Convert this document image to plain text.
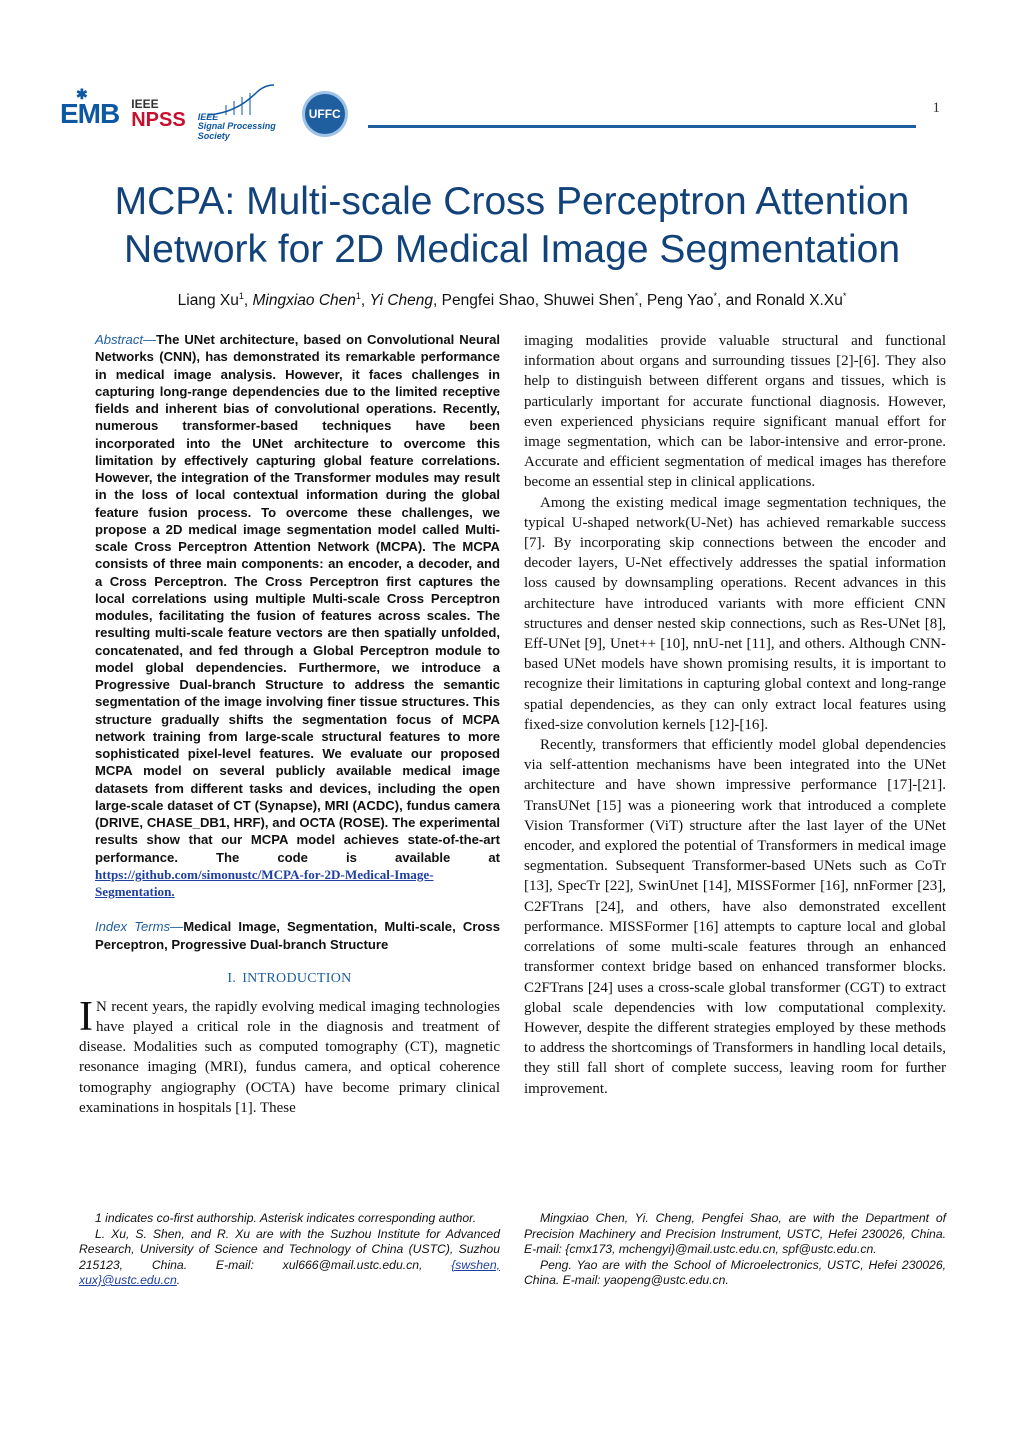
✱
EMB IEEE
NPSS IEEE
Signal Processing Society
UFFC	1
MCPA: Multi-scale Cross Perceptron Attention Network for 2D Medical Image Segmentation
Liang Xu$^1$, Mingxiao Chen$^1$, Yi Cheng, Pengfei Shao, Shuwei Shen*, Peng Yao*, and Ronald X.Xu*

Abstract—The UNet architecture, based on Convolutional Neural Networks (CNN), has demonstrated its remarkable performance in medical image analysis. However, it faces challenges in capturing long-range dependencies due to the limited receptive fields and inherent bias of convolutional operations. Recently, numerous transformer-based techniques have been incorporated into the UNet architecture to overcome this limitation by effectively capturing global feature correlations. However, the integration of the Transformer modules may result in the loss of local contextual information during the global feature fusion process. To overcome these challenges, we propose a 2D medical image segmentation model called Multi-scale Cross Perceptron Attention Network (MCPA). The MCPA consists of three main components: an encoder, a decoder, and a Cross Perceptron. The Cross Perceptron first captures the local correlations using multiple Multi-scale Cross Perceptron modules, facilitating the fusion of features across scales. The resulting multi-scale feature vectors are then spatially unfolded, concatenated, and fed through a Global Perceptron module to model global dependencies. Furthermore, we introduce a Progressive Dual-branch Structure to address the semantic segmentation of the image involving finer tissue structures. This structure gradually shifts the segmentation focus of MCPA network training from large-scale structural features to more sophisticated pixel-level features. We evaluate our proposed MCPA model on several publicly available medical image datasets from different tasks and devices, including the open large-scale dataset of CT (Synapse), MRI (ACDC), fundus camera (DRIVE, CHASE_DB1, HRF), and OCTA (ROSE). The experimental results show that our MCPA model achieves state-of-the-art performance. The code is available at https://github.com/simonustc/MCPA-for-2D-Medical-Image-Segmentation.

Index Terms—Medical Image, Segmentation, Multi-scale, Cross Perceptron, Progressive Dual-branch Structure

I. INTRODUCTION

I N recent years, the rapidly evolving medical imaging technologies have played a critical role in the diagnosis and treatment of disease. Modalities such as computed tomography (CT), magnetic resonance imaging (MRI), fundus camera, and optical coherence tomography angiography (OCTA) have become primary clinical examinations in hospitals [1]. These

imaging modalities provide valuable structural and functional information about organs and surrounding tissues [2]-[6]. They also help to distinguish between different organs and tissues, which is particularly important for accurate functional diagnosis. However, even experienced physicians require significant manual effort for image segmentation, which can be labor-intensive and error-prone. Accurate and efficient segmentation of medical images has therefore become an essential step in clinical applications.

Among the existing medical image segmentation techniques, the typical U-shaped network(U-Net) has achieved remarkable success [7]. By incorporating skip connections between the encoder and decoder layers, U-Net effectively addresses the spatial information loss caused by downsampling operations. Recent advances in this architecture have introduced variants with more efficient CNN structures and denser nested skip connections, such as Res-UNet [8], Eff-UNet [9], Unet++ [10], nnU-net [11], and others. Although CNN-based UNet models have shown promising results, it is important to recognize their limitations in capturing global context and long-range spatial dependencies, as they can only extract local features using fixed-size convolution kernels [12]-[16].

Recently, transformers that efficiently model global dependencies via self-attention mechanisms have been integrated into the UNet architecture and have shown impressive performance [17]-[21]. TransUNet [15] was a pioneering work that introduced a complete Vision Transformer (ViT) structure after the last layer of the UNet encoder, and explored the potential of Transformers in medical image segmentation. Subsequent Transformer-based UNets such as CoTr [13], SpecTr [22], SwinUnet [14], MISSFormer [16], nnFormer [23], C2FTrans [24], and others, have also demonstrated excellent performance. MISSFormer [16] attempts to capture local and global correlations of some multi-scale features through an enhanced transformer context bridge based on enhanced transformer blocks. C2FTrans [24] uses a cross-scale global transformer (CGT) to extract global scale dependencies with low computational complexity. However, despite the different strategies employed by these methods to address the shortcomings of Transformers in handling local details, they still fall short of complete success, leaving room for further improvement.

1 indicates co-first authorship. Asterisk indicates corresponding author.

L. Xu, S. Shen, and R. Xu are with the Suzhou Institute for Advanced Research, University of Science and Technology of China (USTC), Suzhou 215123, China. E-mail: xul666@mail.ustc.edu.cn, {swshen, xux}@ustc.edu.cn.

Mingxiao Chen, Yi. Cheng, Pengfei Shao, are with the Department of Precision Machinery and Precision Instrument, USTC, Hefei 230026, China. E-mail: {cmx173, mchengyi}@mail.ustc.edu.cn, spf@ustc.edu.cn.

Peng. Yao are with the School of Microelectronics, USTC, Hefei 230026, China. E-mail: yaopeng@ustc.edu.cn.
